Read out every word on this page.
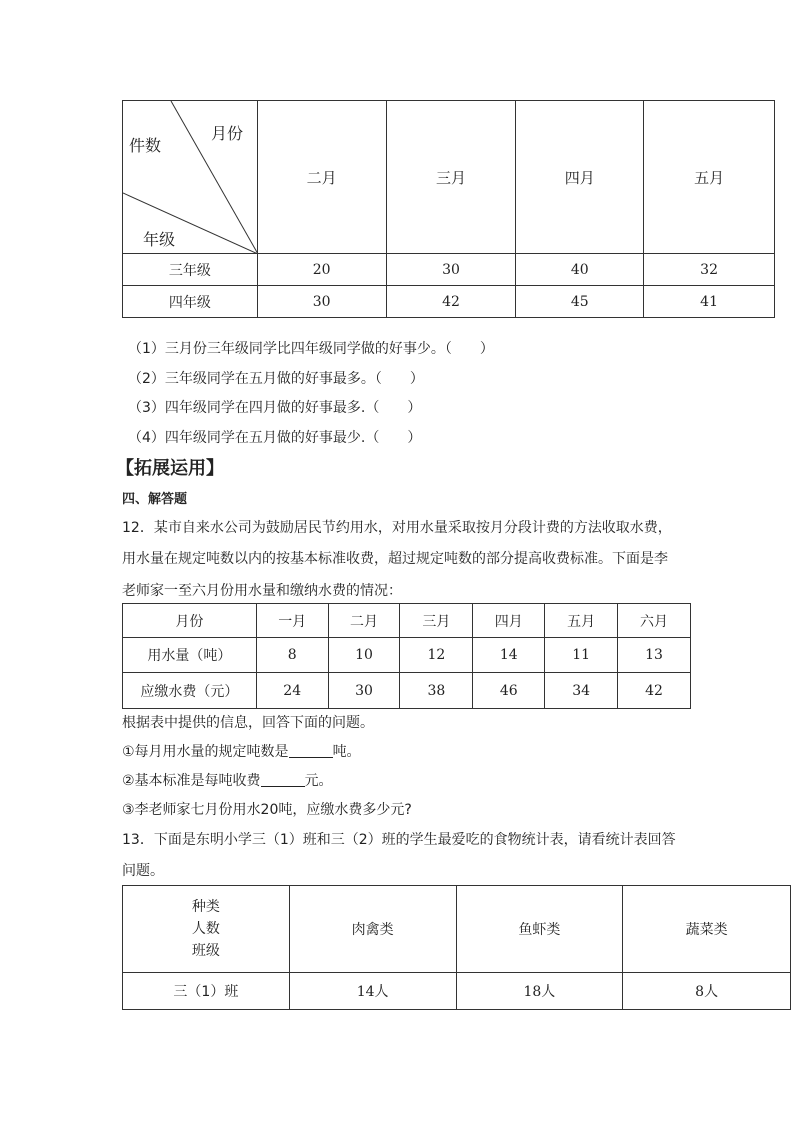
月份
件数
年级	二月	三月	四月	五月
三年级	20	30	40	32
四年级	30	42	45	41
（1）三月份三年级同学比四年级同学做的好事少。（　　）
（2）三年级同学在五月做的好事最多。（　　）
（3）四年级同学在四月做的好事最多.（　　）
（4）四年级同学在五月做的好事最少.（　　）
【拓展运用】
四、解答题
12．某市自来水公司为鼓励居民节约用水，对用水量采取按月分段计费的方法收取水费，
用水量在规定吨数以内的按基本标准收费，超过规定吨数的部分提高收费标准。下面是李
老师家一至六月份用水量和缴纳水费的情况：
月份	一月	二月	三月	四月	五月	六月
用水量（吨）	8	10	12	14	11	13
应缴水费（元）	24	30	38	46	34	42
根据表中提供的信息，回答下面的问题。
①每月用水量的规定吨数是	吨。
②基本标准是每吨收费	元。
③李老师家七月份用水20吨，应缴水费多少元?
13．下面是东明小学三（1）班和三（2）班的学生最爱吃的食物统计表，请看统计表回答
问题。
种类
人数
班级	肉禽类	鱼虾类	蔬菜类
三（1）班	14人	18人	8人
